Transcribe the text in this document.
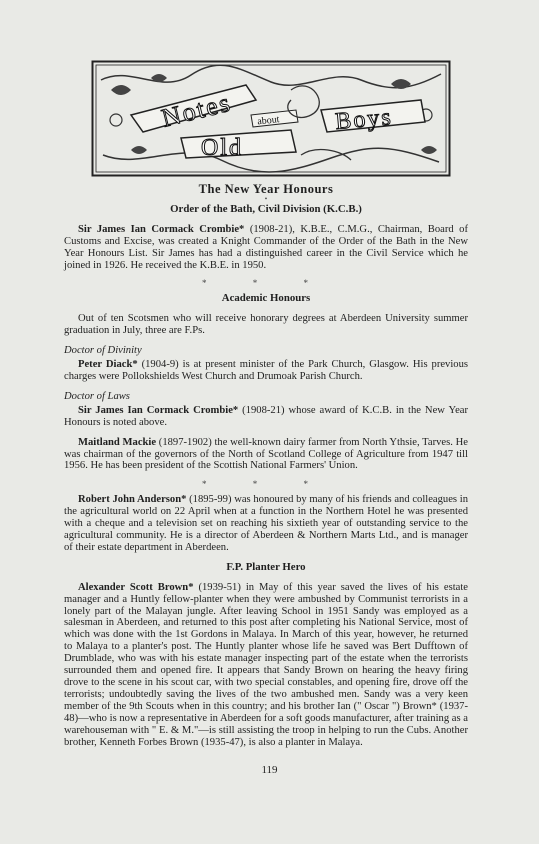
Notes about
Old
Boys
The New Year Honours
•
Order of the Bath, Civil Division (K.C.B.)

Sir James Ian Cormack Crombie* (1908-21), K.B.E., C.M.G., Chairman, Board of Customs and Excise, was created a Knight Commander of the Order of the Bath in the New Year Honours List. Sir James has had a distinguished career in the Civil Service which he joined in 1926. He received the K.B.E. in 1950.

* * *
Academic Honours

Out of ten Scotsmen who will receive honorary degrees at Aberdeen University summer graduation in July, three are F.Ps.

Doctor of Divinity

Peter Diack* (1904-9) is at present minister of the Park Church, Glasgow. His previous charges were Pollokshields West Church and Drumoak Parish Church.

Doctor of Laws

Sir James Ian Cormack Crombie* (1908-21) whose award of K.C.B. in the New Year Honours is noted above.

Maitland Mackie (1897-1902) the well-known dairy farmer from North Ythsie, Tarves. He was chairman of the governors of the North of Scotland College of Agriculture from 1947 till 1956. He has been president of the Scottish National Farmers' Union.

* * *

Robert John Anderson* (1895-99) was honoured by many of his friends and colleagues in the agricultural world on 22 April when at a function in the Northern Hotel he was presented with a cheque and a television set on reaching his sixtieth year of outstanding service to the agricultural community. He is a director of Aberdeen & Northern Marts Ltd., and is manager of their estate department in Aberdeen.

F.P. Planter Hero

Alexander Scott Brown* (1939-51) in May of this year saved the lives of his estate manager and a Huntly fellow-planter when they were ambushed by Communist terrorists in a lonely part of the Malayan jungle. After leaving School in 1951 Sandy was employed as a salesman in Aberdeen, and returned to this post after completing his National Service, most of which was done with the 1st Gordons in Malaya. In March of this year, however, he returned to Malaya to a planter's post. The Huntly planter whose life he saved was Bert Dufftown of Drumblade, who was with his estate manager inspecting part of the estate when the terrorists surrounded them and opened fire. It appears that Sandy Brown on hearing the heavy firing drove to the scene in his scout car, with two special constables, and opening fire, drove off the terrorists; undoubtedly saving the lives of the two ambushed men. Sandy was a very keen member of the 9th Scouts when in this country; and his brother Ian (" Oscar ") Brown* (1937-48)—who is now a representative in Aberdeen for a soft goods manufacturer, after training as a warehouseman with " E. & M."—is still assisting the troop in helping to run the Cubs. Another brother, Kenneth Forbes Brown (1935-47), is also a planter in Malaya.

119
